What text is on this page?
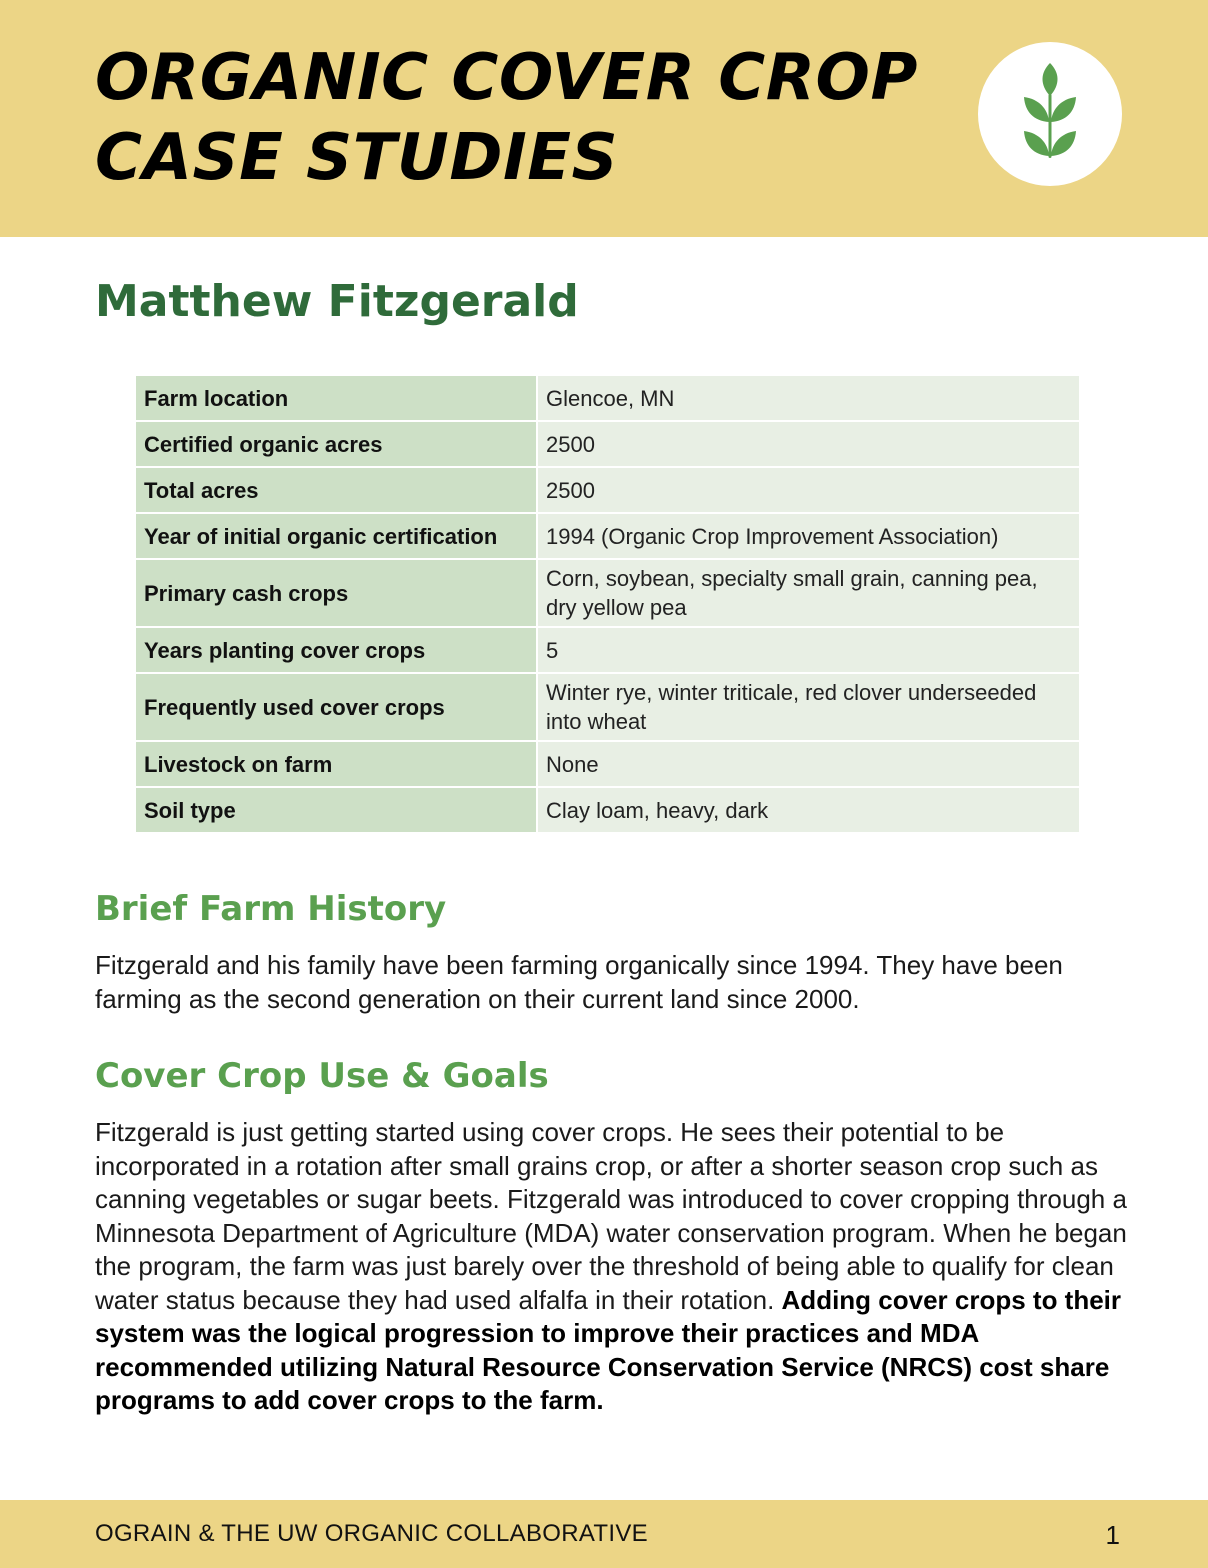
ORGANIC COVER CROP CASE STUDIES
Matthew Fitzgerald
Farm location	Glencoe, MN
Certified organic acres	2500
Total acres	2500
Year of initial organic certification	1994 (Organic Crop Improvement Association)
Primary cash crops	Corn, soybean, specialty small grain, canning pea, dry yellow pea
Years planting cover crops	5
Frequently used cover crops	Winter rye, winter triticale, red clover underseeded into wheat
Livestock on farm	None
Soil type	Clay loam, heavy, dark
Brief Farm History
Fitzgerald and his family have been farming organically since 1994. They have been farming as the second generation on their current land since 2000.
Cover Crop Use & Goals
Fitzgerald is just getting started using cover crops. He sees their potential to be incorporated in a rotation after small grains crop, or after a shorter season crop such as canning vegetables or sugar beets. Fitzgerald was introduced to cover cropping through a Minnesota Department of Agriculture (MDA) water conservation program. When he began the program, the farm was just barely over the threshold of being able to qualify for clean water status because they had used alfalfa in their rotation. Adding cover crops to their system was the logical progression to improve their practices and MDA recommended utilizing Natural Resource Conservation Service (NRCS) cost share programs to add cover crops to the farm.
OGRAIN & THE UW ORGANIC COLLABORATIVE	1
